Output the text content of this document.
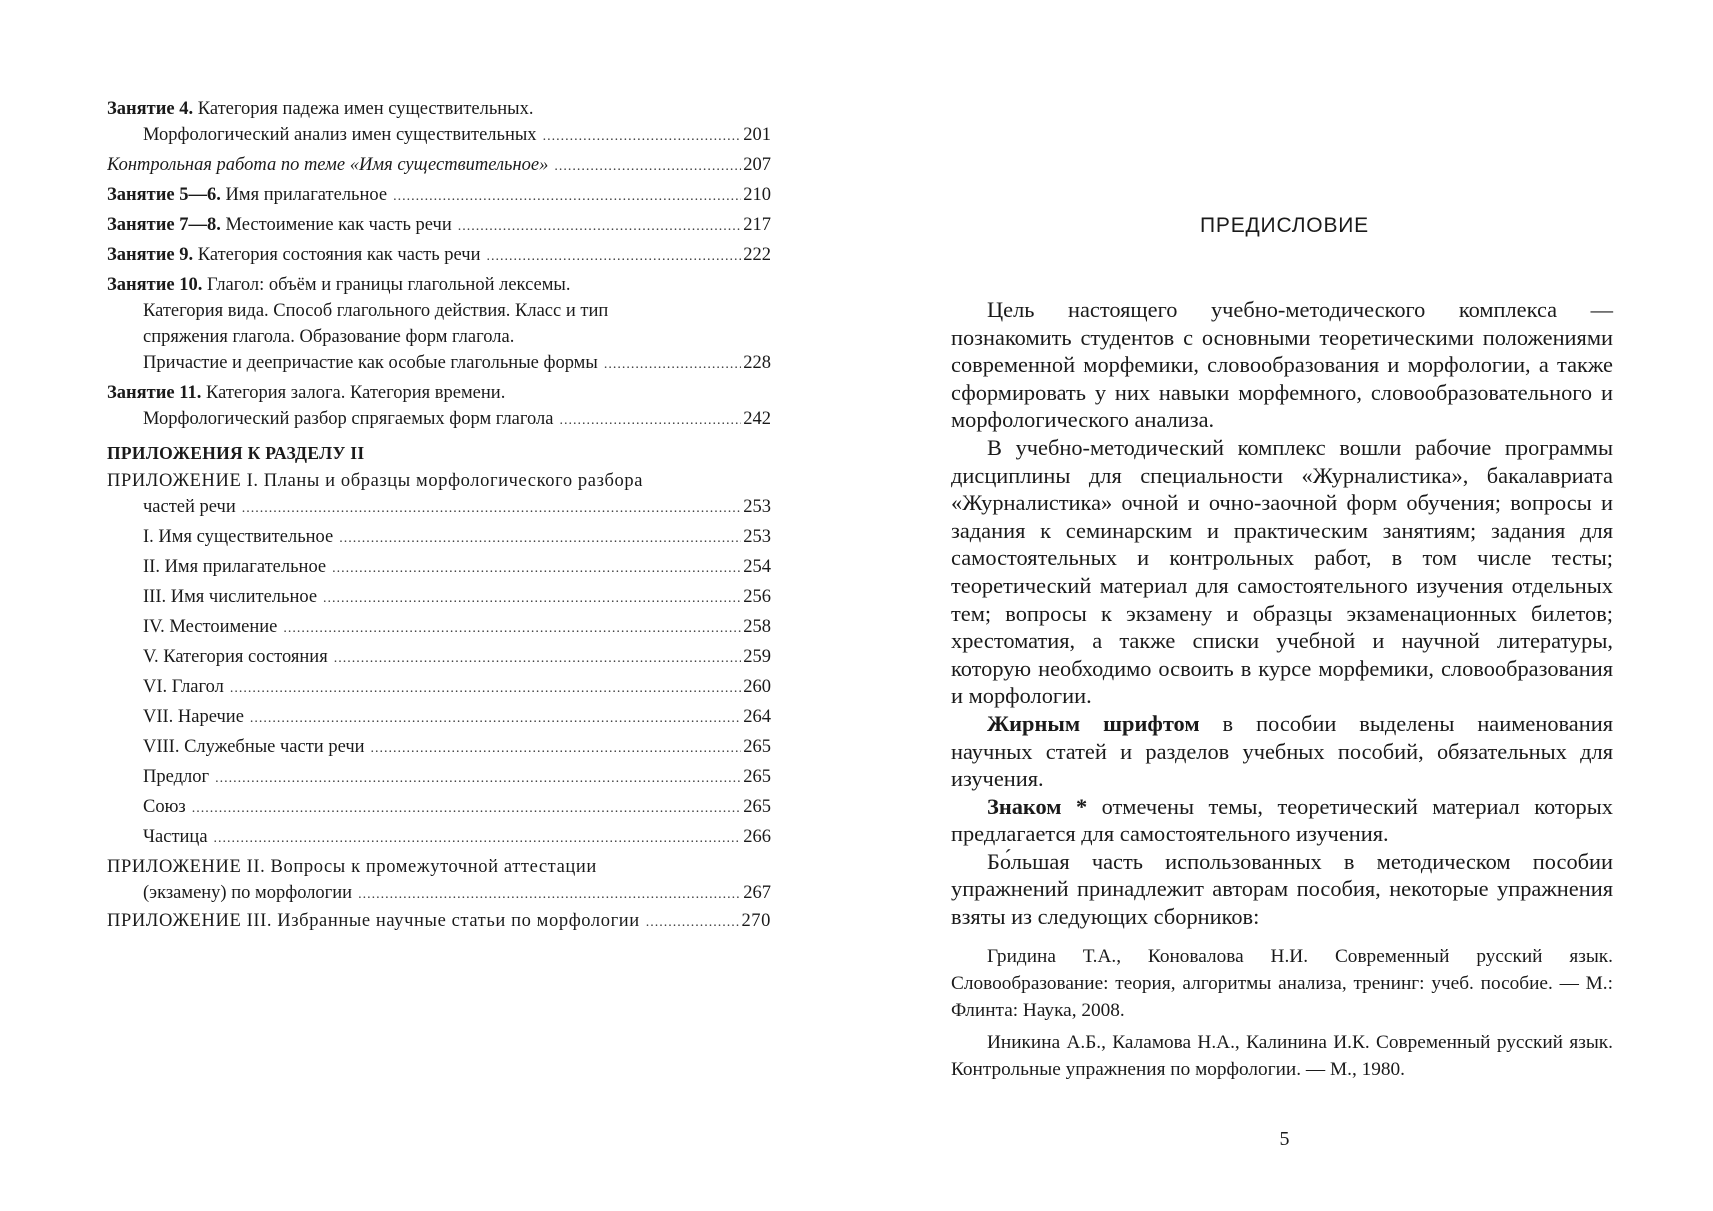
Занятие 4. Категория падежа имен существительных.
Морфологический анализ имен существительных .....	201
Контрольная работа по теме «Имя существительное» .....	207
Занятие 5—6. Имя прилагательное .....	210
Занятие 7—8. Местоимение как часть речи .....	217
Занятие 9. Категория состояния как часть речи .....	222
Занятие 10. Глагол: объём и границы глагольной лексемы.
Категория вида. Способ глагольного действия. Класс и тип
спряжения глагола. Образование форм глагола.
Причастие и деепричастие как особые глагольные формы .....	228
Занятие 11. Категория залога. Категория времени.
Морфологический разбор спрягаемых форм глагола .....	242
ПРИЛОЖЕНИЯ К РАЗДЕЛУ II
ПРИЛОЖЕНИЕ I. Планы и образцы морфологического разбора
частей речи .....	253
I. Имя существительное .....	253
II. Имя прилагательное .....	254
III. Имя числительное .....	256
IV. Местоимение .....	258
V. Категория состояния .....	259
VI. Глагол .....	260
VII. Наречие .....	264
VIII. Служебные части речи .....	265
Предлог .....	265
Союз .....	265
Частица .....	266
ПРИЛОЖЕНИЕ II. Вопросы к промежуточной аттестации
(экзамену) по морфологии .....	267
ПРИЛОЖЕНИЕ III. Избранные научные статьи по морфологии .....	270
ПРЕДИСЛОВИЕ

Цель настоящего учебно-методического комплекса — познакомить студентов с основными теоретическими положениями современной морфемики, словообразования и морфологии, а также сформировать у них навыки морфемного, словообразовательного и морфологического анализа.

В учебно-методический комплекс вошли рабочие программы дисциплины для специальности «Журналистика», бакалавриата «Журналистика» очной и очно-заочной форм обучения; вопросы и задания к семинарским и практическим занятиям; задания для самостоятельных и контрольных работ, в том числе тесты; теоретический материал для самостоятельного изучения отдельных тем; вопросы к экзамену и образцы экзаменационных билетов; хрестоматия, а также списки учебной и научной литературы, которую необходимо освоить в курсе морфемики, словообразования и морфологии.

Жирным шрифтом в пособии выделены наименования научных статей и разделов учебных пособий, обязательных для изучения.

Знаком * отмечены темы, теоретический материал которых предлагается для самостоятельного изучения.

Бо́льшая часть использованных в методическом пособии упражнений принадлежит авторам пособия, некоторые упражнения взяты из следующих сборников:

Гридина Т.А., Коновалова Н.И. Современный русский язык. Словообразование: теория, алгоритмы анализа, тренинг: учеб. пособие. — М.: Флинта: Наука, 2008.

Иникина А.Б., Каламова Н.А., Калинина И.К. Современный русский язык. Контрольные упражнения по морфологии. — М., 1980.

5
